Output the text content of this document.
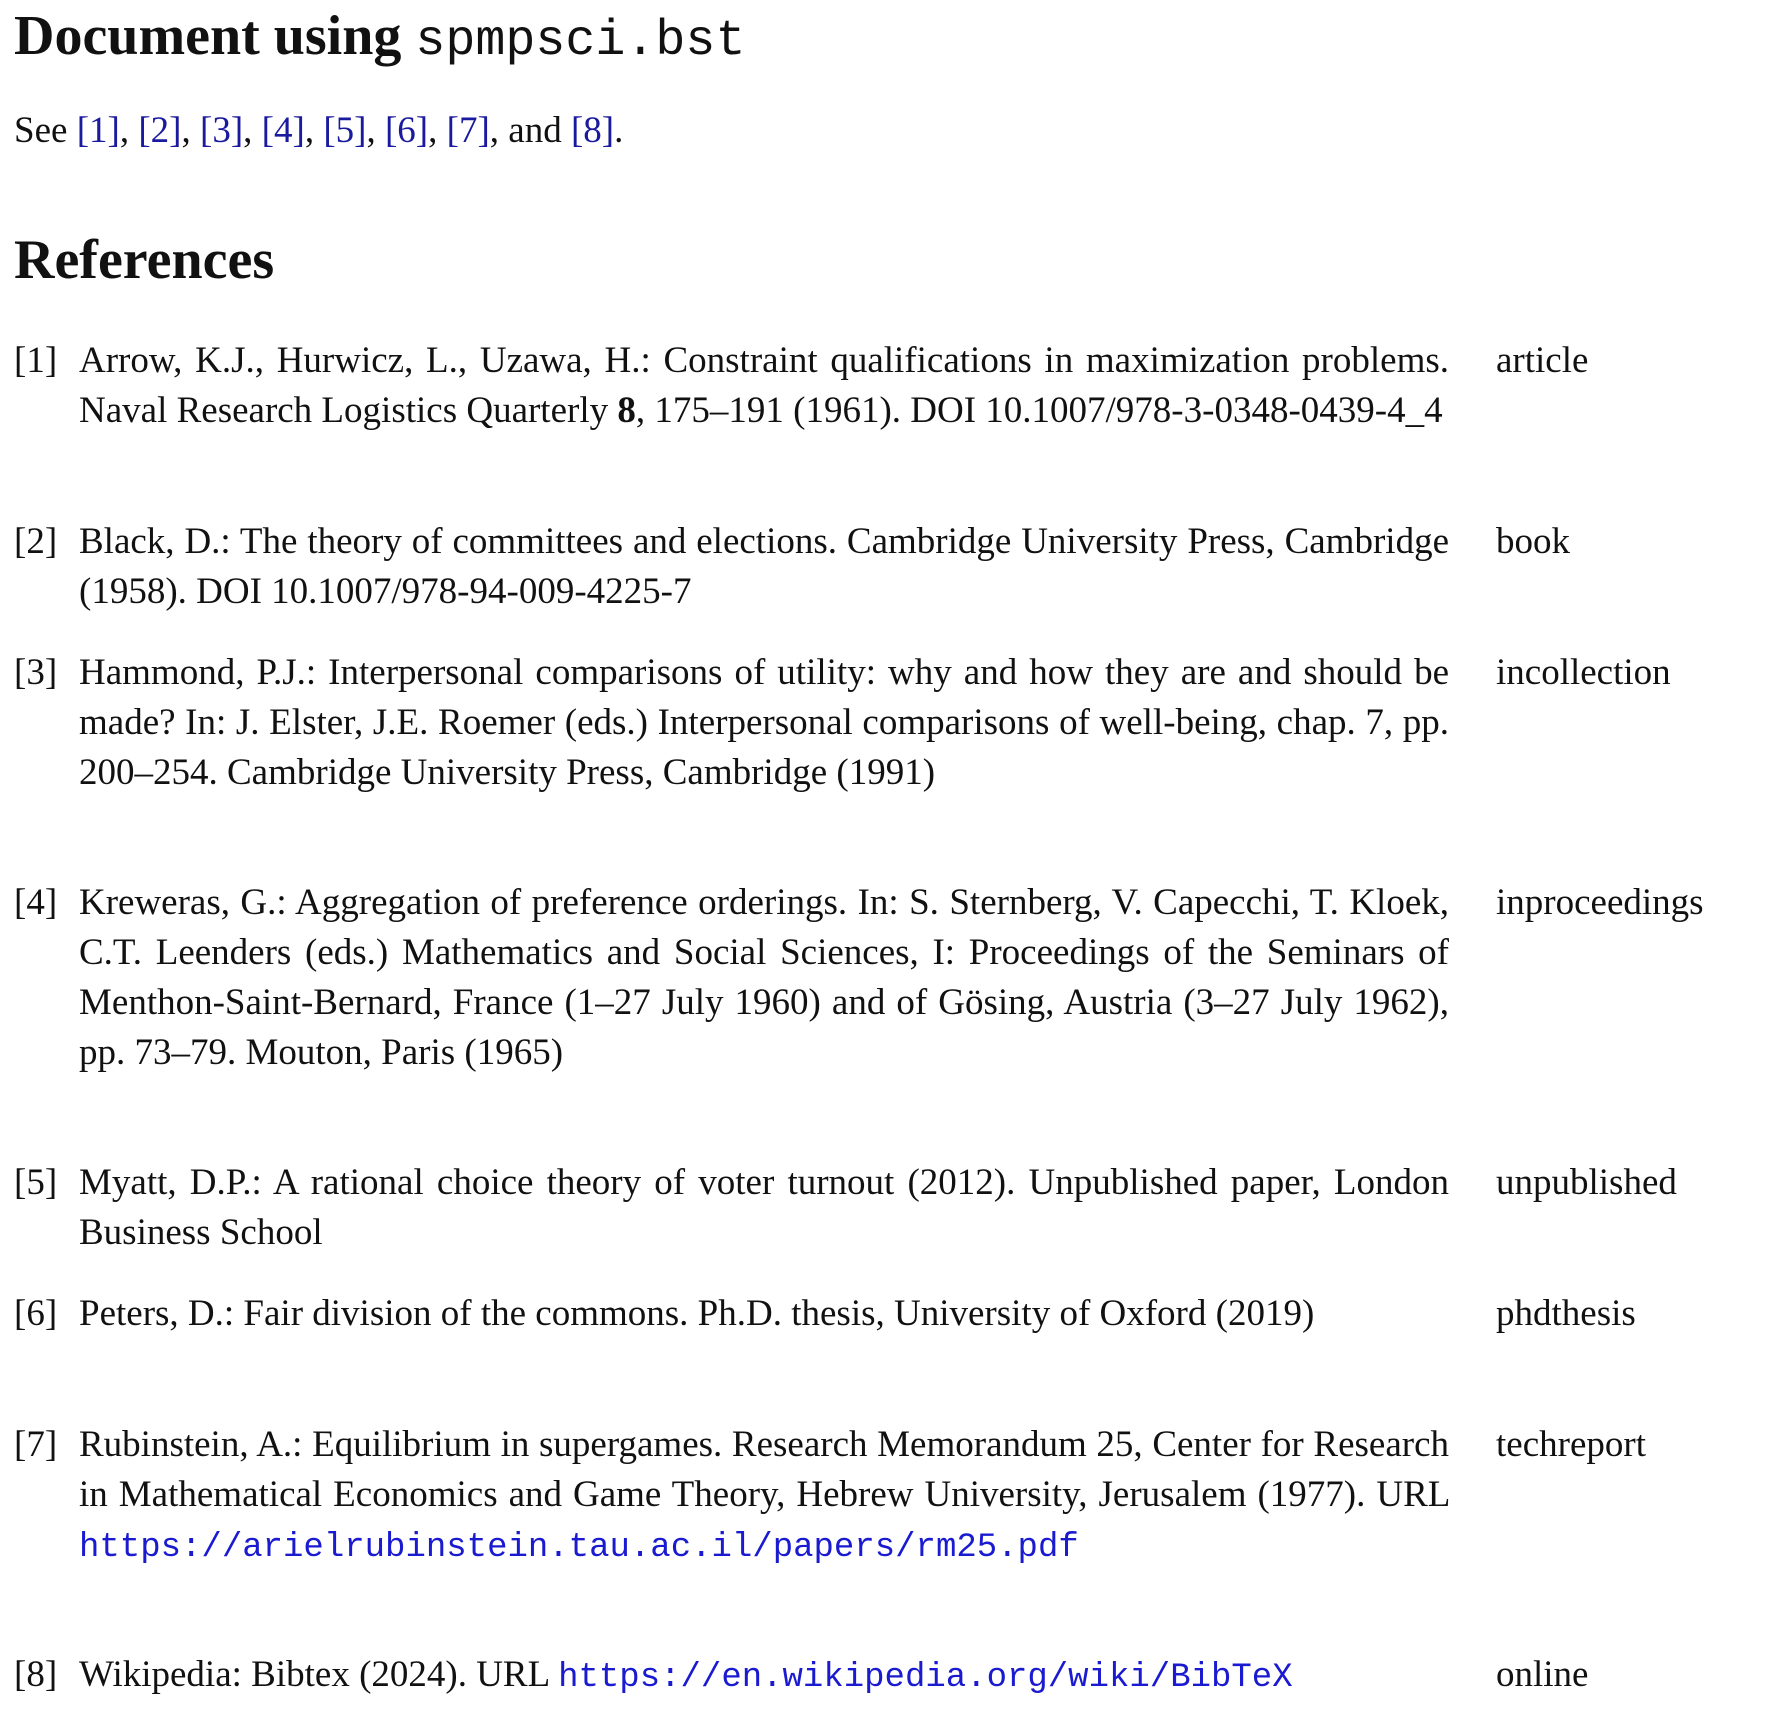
Document using spmpsci.bst

See [1], [2], [3], [4], [5], [6], [7], and [8].

References
[1] Arrow, K.J., Hurwicz, L., Uzawa, H.: Constraint qualifications in maximization problems. Naval Research Logistics Quarterly 8, 175–191 (1961). DOI 10.1007/978-3-0348-0439-4_4
article
[2] Black, D.: The theory of committees and elections. Cambridge University Press, Cambridge (1958). DOI 10.1007/978-94-009-4225-7
book
[3] Hammond, P.J.: Interpersonal comparisons of utility: why and how they are and should be made? In: J. Elster, J.E. Roemer (eds.) Interpersonal comparisons of well-being, chap. 7, pp. 200–254. Cambridge University Press, Cambridge (1991)
incollection
[4] Kreweras, G.: Aggregation of preference orderings. In: S. Sternberg, V. Capecchi, T. Kloek, C.T. Leenders (eds.) Mathematics and Social Sciences, I: Proceedings of the Seminars of Menthon-Saint-Bernard, France (1–27 July 1960) and of Gösing, Austria (3–27 July 1962), pp. 73–79. Mouton, Paris (1965)
inproceedings
[5] Myatt, D.P.: A rational choice theory of voter turnout (2012). Unpublished paper, London Business School
unpublished
[6] Peters, D.: Fair division of the commons. Ph.D. thesis, University of Oxford (2019)	phdthesis
[7] Rubinstein, A.: Equilibrium in supergames. Research Memorandum 25, Center for Research in Mathematical Economics and Game Theory, Hebrew University, Jerusalem (1977). URL https://arielrubinstein.tau.ac.il/papers/rm25.pdf
techreport
[8] Wikipedia: Bibtex (2024). URL https://en.wikipedia.org/wiki/BibTeX	online
